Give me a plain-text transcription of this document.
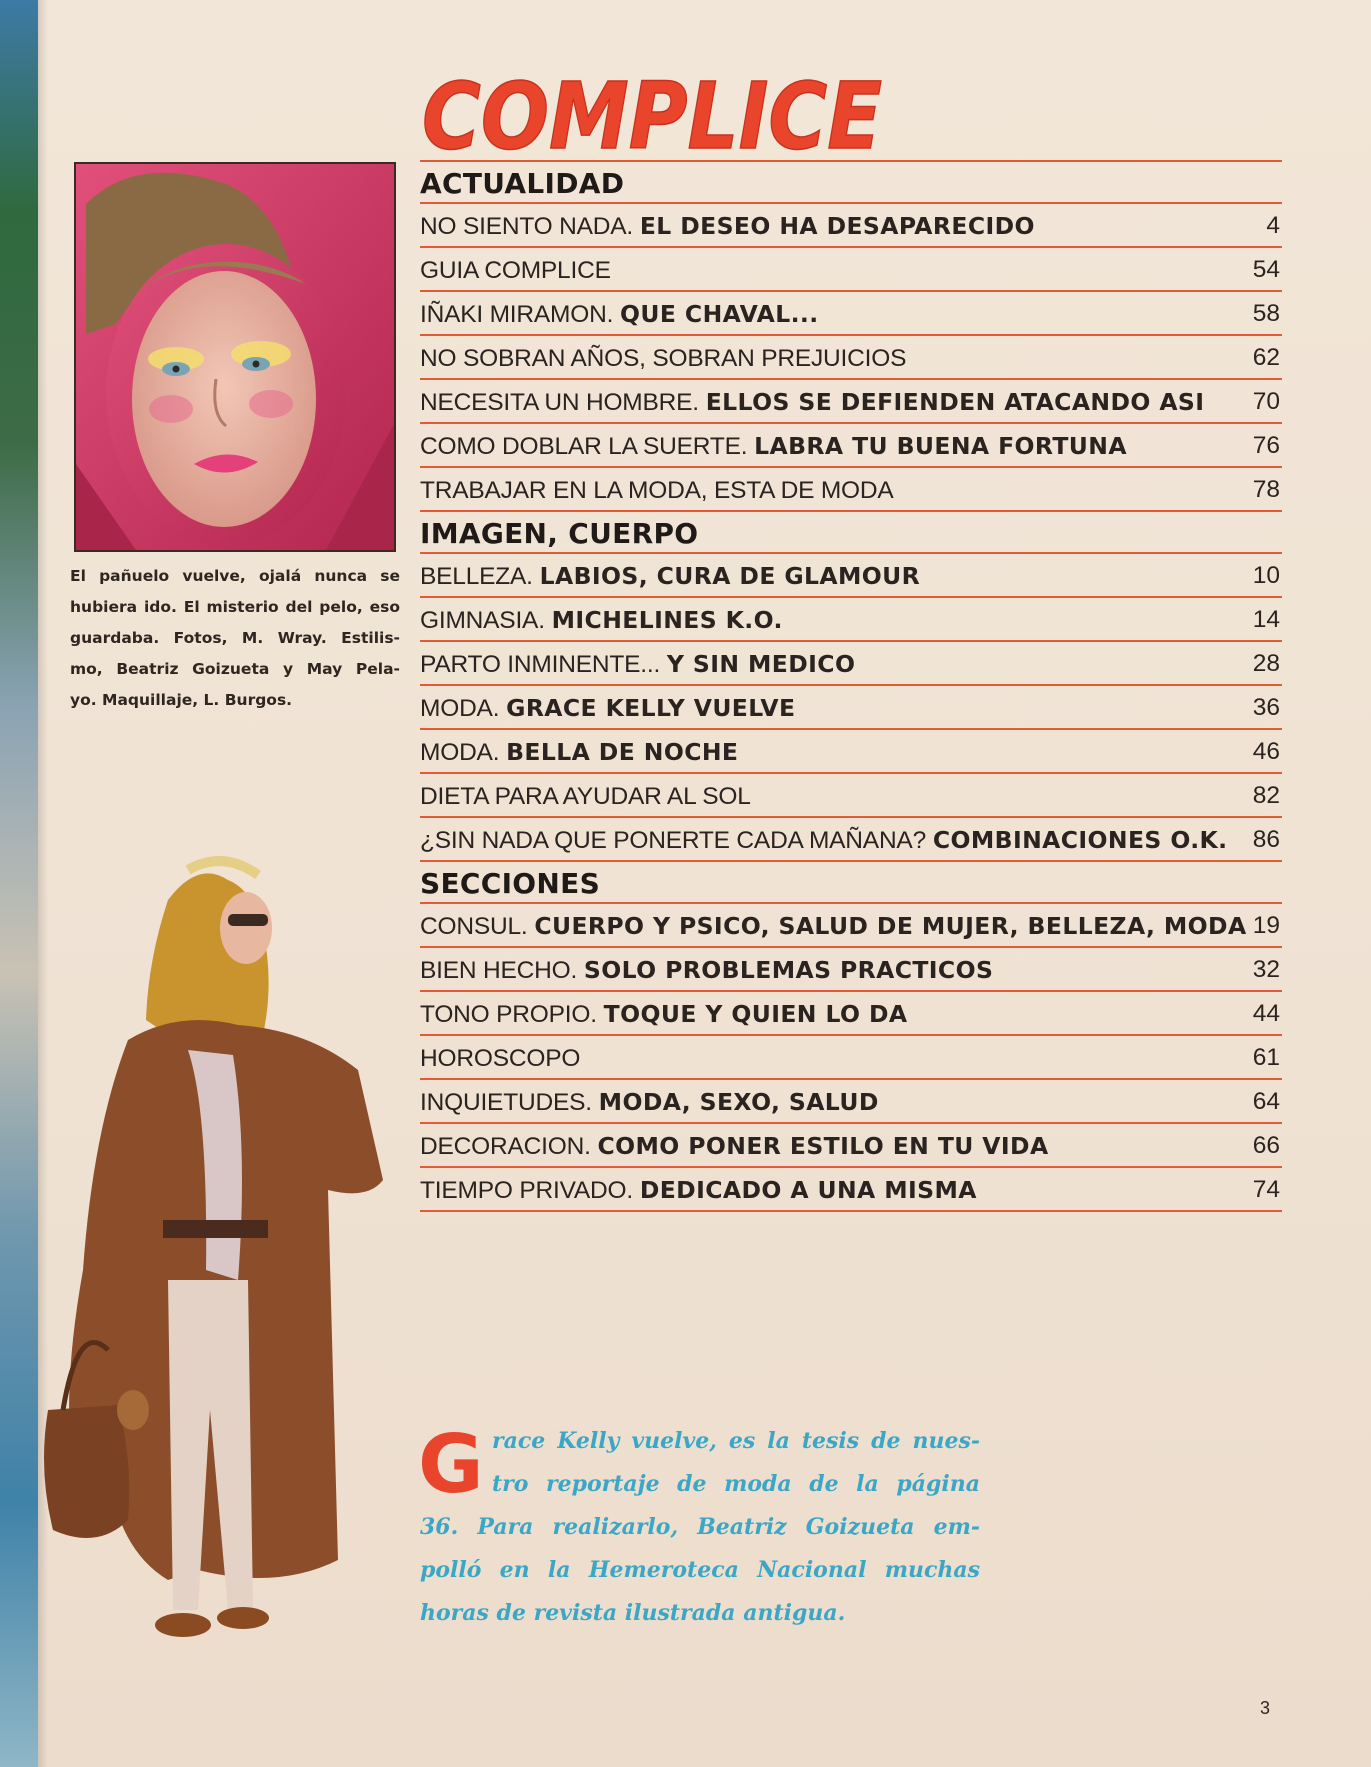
COMPLICE
El pañuelo vuelve, ojalá nunca se
hubiera ido. El misterio del pelo, eso
guardaba. Fotos, M. Wray. Estilis-
mo, Beatriz Goizueta y May Pela-
yo. Maquillaje, L. Burgos.
ACTUALIDAD
NO SIENTO NADA. EL DESEO HA DESAPARECIDO	4
GUIA COMPLICE	54
IÑAKI MIRAMON. QUE CHAVAL...	58
NO SOBRAN AÑOS, SOBRAN PREJUICIOS	62
NECESITA UN HOMBRE. ELLOS SE DEFIENDEN ATACANDO ASI 70
COMO DOBLAR LA SUERTE. LABRA TU BUENA FORTUNA	76
TRABAJAR EN LA MODA, ESTA DE MODA	78
IMAGEN, CUERPO
BELLEZA. LABIOS, CURA DE GLAMOUR	10
GIMNASIA. MICHELINES K.O.	14
PARTO INMINENTE... Y SIN MEDICO	28
MODA. GRACE KELLY VUELVE	36
MODA. BELLA DE NOCHE	46
DIETA PARA AYUDAR AL SOL	82
¿SIN NADA QUE PONERTE CADA MAÑANA? COMBINACIONES O.K. 86
SECCIONES
CONSUL. CUERPO Y PSICO, SALUD DE MUJER, BELLEZA, MODA 19
BIEN HECHO. SOLO PROBLEMAS PRACTICOS	32
TONO PROPIO. TOQUE Y QUIEN LO DA	44
HOROSCOPO	61
INQUIETUDES. MODA, SEXO, SALUD	64
DECORACION. COMO PONER ESTILO EN TU VIDA	66
TIEMPO PRIVADO. DEDICADO A UNA MISMA	74
G race Kelly vuelve, es la tesis de nues-
tro reportaje de moda de la página
36. Para realizarlo, Beatriz Goizueta em-
polló en la Hemeroteca Nacional muchas
horas de revista ilustrada antigua.
3
